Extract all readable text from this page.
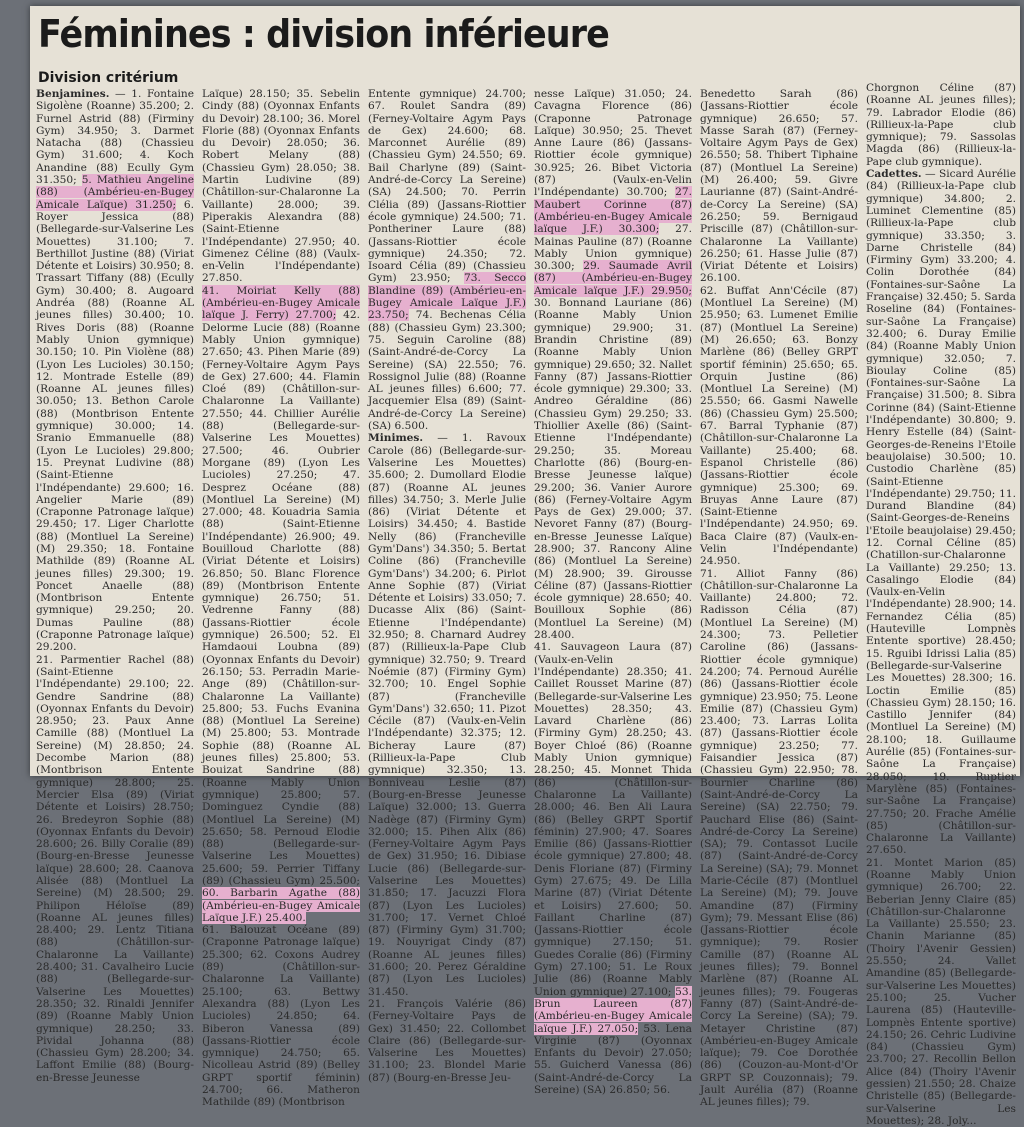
Féminines : division inférieure
Division critérium

Benjamines. — 1. Fontaine Sigolène (Roanne) 35.200; 2. Furnel Astrid (88) (Firminy Gym) 34.950; 3. Darmet Natacha (88) (Chassieu Gym) 31.600; 4. Koch Anandine (88) Ecully Gym 31.350; 5. Mathieu Angeline (88) (Ambérieu-en-Bugey Amicale Laïque) 31.250; 6. Royer Jessica (88) (Bellegarde-sur-Valserine Les Mouettes) 31.100; 7. Berthillot Justine (88) (Viriat Détente et Loisirs) 30.950; 8. Trassart Tiffany (88) (Ecully Gym) 30.400; 8. Augoard Andréa (88) (Roanne AL jeunes filles) 30.400; 10. Rives Doris (88) (Roanne Mably Union gymnique) 30.150; 10. Pin Violène (88) (Lyon Les Lucioles) 30.150; 12. Montrade Estelle (89) (Roanne AL jeunes filles) 30.050; 13. Bethon Carole (88) (Montbrison Entente gymnique) 30.000; 14. Sranio Emmanuelle (88) (Lyon Le Lucioles) 29.800; 15. Preynat Ludivine (88) (Saint-Etienne l'Indépendante) 29.600; 16. Angelier Marie (89) (Craponne Patronage laïque) 29.450; 17. Liger Charlotte (88) (Montluel La Sereine) (M) 29.350; 18. Fontaine Mathilde (89) (Roanne AL jeunes filles) 29.300; 19. Poncet Anaelle (88) (Montbrison Entente gymnique) 29.250; 20. Dumas Pauline (88) (Craponne Patronage laïque) 29.200.

21. Parmentier Rachel (88) (Saint-Etienne l'Indépendante) 29.100; 22. Gendre Sandrine (88) (Oyonnax Enfants du Devoir) 28.950; 23. Paux Anne Camille (88) (Montluel La Sereine) (M) 28.850; 24. Decombe Marion (88) (Montbrison Entente gymnique) 28.800; 25. Mercier Elsa (89) (Viriat Détente et Loisirs) 28.750; 26. Bredeyron Sophie (88) (Oyonnax Enfants du Devoir) 28.600; 26. Billy Coralie (89) (Bourg-en-Bresse Jeunesse laïque) 28.600; 28. Caanova Alisée (88) (Montluel La Sereine) (M) 28.500; 29. Philipon Héloïse (89) (Roanne AL jeunes filles) 28.400; 29. Lentz Titiana (88) (Châtillon-sur-Chalaronne La Vaillante) 28.400; 31. Cavalheiro Lucie (88) (Bellegarde-sur-Valserine Les Mouettes) 28.350; 32. Rinaldi Jennifer (89) (Roanne Mably Union gymnique) 28.250; 33. Pividal Johanna (88) (Chassieu Gym) 28.200; 34. Laffont Emilie (88) (Bourg-en-Bresse Jeunesse

Laïque) 28.150; 35. Sebelin Cindy (88) (Oyonnax Enfants du Devoir) 28.100; 36. Morel Florie (88) (Oyonnax Enfants du Devoir) 28.050; 36. Robert Melany (88) (Chassieu Gym) 28.050; 38. Martin Ludivine (89) (Châtillon-sur-Chalaronne La Vaillante) 28.000; 39. Piperakis Alexandra (88) (Saint-Etienne l'Indépendante) 27.950; 40. Gimenez Céline (88) (Vaulx-en-Velin l'Indépendante) 27.850.

41. Moiriat Kelly (88) (Ambérieu-en-Bugey Amicale laïque J. Ferry) 27.700; 42. Delorme Lucie (88) (Roanne Mably Union gymnique) 27.650; 43. Pihen Marie (89) (Ferney-Voltaire Agym Pays de Gex) 27.600; 44. Flamin Cloé (89) (Châtillon-sur-Chalaronne La Vaillante) 27.550; 44. Chillier Aurélie (88) (Bellegarde-sur-Valserine Les Mouettes) 27.500; 46. Oubrier Morgane (89) (Lyon Les Lucioles) 27.250; 47. Desprez Océane (88) (Montluel La Sereine) (M) 27.000; 48. Kouadria Samia (88) (Saint-Etienne l'Indépendante) 26.900; 49. Bouilloud Charlotte (88) (Viriat Détente et Loisirs) 26.850; 50. Blanc Florence (89) (Montbrison Entente gymnique) 26.750; 51. Vedrenne Fanny (88) (Jassans-Riottier école gymnique) 26.500; 52. El Hamdaoui Loubna (89) (Oyonnax Enfants du Devoir) 26.150; 53. Perradin Marie-Ange (89) (Châtillon-sur-Chalaronne La Vaillante) 25.800; 53. Fuchs Evanina (88) (Montluel La Sereine) (M) 25.800; 53. Montrade Sophie (88) (Roanne AL jeunes filles) 25.800; 53. Bouizat Sandrine (88) (Roanne Mably Union gymnique) 25.800; 57. Dominguez Cyndie (88) (Montluel La Sereine) (M) 25.650; 58. Pernoud Elodie (88) (Bellegarde-sur-Valserine Les Mouettes) 25.600; 59. Perrier Tiffany (89) (Chassieu Gym) 25.500; 60. Barbarin Agathe (88) (Ambérieu-en-Bugey Amicale Laïque J.F.) 25.400.

61. Balouzat Océane (89) (Craponne Patronage laïque) 25.300; 62. Coxons Audrey (89) (Châtillon-sur-Chalaronne La Vaillante) 25.100; 63. Bettwy Alexandra (88) (Lyon Les Lucioles) 24.850; 64. Biberon Vanessa (89) (Jassans-Riottier école gymnique) 24.750; 65. Nicolleau Astrid (89) (Belley GRPT sportif féminin) 24.700; 66. Matheron Mathilde (89) (Montbrison

Entente gymnique) 24.700; 67. Roulet Sandra (89) (Ferney-Voltaire Agym Pays de Gex) 24.600; 68. Marconnet Aurélie (89) (Chassieu Gym) 24.550; 69. Bail Charlyne (89) (Saint-André-de-Corcy La Sereine) (SA) 24.500; 70. Perrin Clélia (89) (Jassans-Riottier école gymnique) 24.500; 71. Pontheriner Laure (88) (Jassans-Riottier école gymnique) 24.350; 72. Isoard Célia (89) (Chassieu Gym) 23.950; 73. Secco Blandine (89) (Ambérieu-en-Bugey Amicale Laïque J.F.) 23.750; 74. Bechenas Célia (88) (Chassieu Gym) 23.300; 75. Seguin Caroline (88) (Saint-André-de-Corcy La Sereine) (SA) 22.550; 76. Rossignol Julie (88) (Roanne AL jeunes filles) 6.600; 77. Jacquemier Elsa (89) (Saint-André-de-Corcy La Sereine) (SA) 6.500.

Minimes. — 1. Ravoux Carole (86) (Bellegarde-sur-Valserine Les Mouettes) 35.600; 2. Dumollard Elodie (87) (Roanne AL jeunes filles) 34.750; 3. Merle Julie (86) (Viriat Détente et Loisirs) 34.450; 4. Bastide Nelly (86) (Francheville Gym'Dans') 34.350; 5. Bertat Coline (86) (Francheville Gym'Dans') 34.200; 6. Pirlot Anne Sophie (87) (Viriat Détente et Loisirs) 33.050; 7. Ducasse Alix (86) (Saint-Etienne l'Indépendante) 32.950; 8. Charnard Audrey (87) (Rillieux-la-Pape Club gymnique) 32.750; 9. Treard Noémie (87) (Firminy Gym) 32.700; 10. Engel Sophie (87) (Francheville Gym'Dans') 32.650; 11. Pizot Cécile (87) (Vaulx-en-Velin l'Indépendante) 32.375; 12. Bicheray Laure (87) (Rillieux-la-Pape Club gymnique) 32.350; 13. Bonniveau Leslie (87) (Bourg-en-Bresse Jeunesse Laïque) 32.000; 13. Guerra Nadège (87) (Firminy Gym) 32.000; 15. Pihen Alix (86) (Ferney-Voltaire Agym Pays de Gex) 31.950; 16. Dibiase Lucie (86) (Bellegarde-sur-Valserine Les Mouettes) 31.850; 17. Jacuzzi Flora (87) (Lyon Les Lucioles) 31.700; 17. Vernet Chloé (87) (Firminy Gym) 31.700; 19. Nouyrigat Cindy (87) (Roanne AL jeunes filles) 31.600; 20. Perez Géraldine (87) (Lyon Les Lucioles) 31.450.

21. François Valérie (86) (Ferney-Voltaire Pays de Gex) 31.450; 22. Collombet Claire (86) (Bellegarde-sur-Valserine Les Mouettes) 31.100; 23. Blondel Marie (87) (Bourg-en-Bresse Jeu-

nesse Laïque) 31.050; 24. Cavagna Florence (86) (Craponne Patronage Laïque) 30.950; 25. Thevet Anne Laure (86) (Jassans-Riottier école gymnique) 30.925; 26. Bibet Victoria (87) (Vaulx-en-Velin l'Indépendante) 30.700; 27. Maubert Corinne (87) (Ambérieu-en-Bugey Amicale laïque J.F.) 30.300; 27. Mainas Pauline (87) (Roanne Mably Union gymnique) 30.300; 29. Saumade Avril (87) (Ambérieu-en-Bugey Amicale laïque J.F.) 29.950; 30. Bonnand Lauriane (86) (Roanne Mably Union gymnique) 29.900; 31. Brandin Christine (89) (Roanne Mably Union gymnique) 29.650; 32. Nallet Fanny (87) Jassans-Riottier école gymnique) 29.300; 33. Andreo Géraldine (86) (Chassieu Gym) 29.250; 33. Thiollier Axelle (86) (Saint-Etienne l'Indépendante) 29.250; 35. Moreau Charlotte (86) (Bourg-en-Bresse Jeunesse laïque) 29.200; 36. Vanier Aurore (86) (Ferney-Voltaire Agym Pays de Gex) 29.000; 37. Nevoret Fanny (87) (Bourg-en-Bresse Jeunesse Laïque) 28.900; 37. Rancony Aline (86) (Montluel La Sereine) (M) 28.900; 39. Girousse Céline (87) (Jassans-Riottier école gymnique) 28.650; 40. Bouilloux Sophie (86) (Montluel La Sereine) (M) 28.400.

41. Sauvageon Laura (87) (Vaulx-en-Velin l'Indépendante) 28.350; 41. Caillet Rousset Marine (87) (Bellegarde-sur-Valserine Les Mouettes) 28.350; 43. Lavard Charlène (86) (Firminy Gym) 28.250; 43. Boyer Chloé (86) (Roanne Mably Union gymnique) 28.250; 45. Monnet Thida (86) (Châtillon-sur-Chalaronne La Vaillante) 28.000; 46. Ben Ali Laura (86) (Belley GRPT Sportif féminin) 27.900; 47. Soares Emilie (86) (Jassans-Riottier école gymnique) 27.800; 48. Denis Floriane (87) (Firminy Gym) 27.675; 49. De Lilla Marine (87) (Viriat Détente et Loisirs) 27.600; 50. Faillant Charline (87) (Jassans-Riottier école gymnique) 27.150; 51. Guedes Coralie (86) (Firminy Gym) 27.100; 51. Le Roux Julie (86) (Roanne Mably Union gymnique) 27.100; 53. Brun Laureen (87) (Ambérieu-en-Bugey Amicale laïque J.F.) 27.050; 53. Lena Virginie (87) (Oyonnax Enfants du Devoir) 27.050; 55. Guicherd Vanessa (86) (Saint-André-de-Corcy La Sereine) (SA) 26.850; 56.

Benedetto Sarah (86) (Jassans-Riottier école gymnique) 26.650; 57. Masse Sarah (87) (Ferney-Voltaire Agym Pays de Gex) 26.550; 58. Thibert Tiphaine (87) (Montluel La Sereine) (M) 26.400; 59. Givre Laurianne (87) (Saint-André-de-Corcy La Sereine) (SA) 26.250; 59. Bernigaud Priscille (87) (Châtillon-sur-Chalaronne La Vaillante) 26.250; 61. Hasse Julie (87) (Viriat Détente et Loisirs) 26.100.

62. Buffat Ann'Cécile (87) (Montluel La Sereine) (M) 25.950; 63. Lumenet Emilie (87) (Montluel La Sereine) (M) 26.650; 63. Bonzy Marlène (86) (Belley GRPT sportif féminin) 25.650; 65. Orquin Justine (86) (Montluel La Sereine) (M) 25.550; 66. Gasmi Nawelle (86) (Chassieu Gym) 25.500; 67. Barral Typhanie (87) (Châtillon-sur-Chalaronne La Vaillante) 25.400; 68. Espanol Christelle (86) (Jassans-Riottier école gymnique) 25.300; 69. Bruyas Anne Laure (87) (Saint-Etienne l'Indépendante) 24.950; 69. Baca Claire (87) (Vaulx-en-Velin l'Indépendante) 24.950.

71. Alliot Fanny (86) (Châtillon-sur-Chalaronne La Vaillante) 24.800; 72. Radisson Célia (87) (Montluel La Sereine) (M) 24.300; 73. Pelletier Caroline (86) (Jassans-Riottier école gymnique) 24.200; 74. Pernoud Aurélie (86) (Jassans-Riottier école gymnique) 23.950; 75. Leone Emilie (87) (Chassieu Gym) 23.400; 73. Larras Lolita (87) (Jassans-Riottier école gymnique) 23.250; 77. Faisandier Jessica (87) (Chassieu Gym) 22.950; 78. Bournier Charline (86) (Saint-André-de-Corcy La Sereine) (SA) 22.750; 79. Pauchard Elise (86) (Saint-André-de-Corcy La Sereine) (SA); 79. Contassot Lucile (87) (Saint-André-de-Corcy La Sereine) (SA); 79. Monnet Marie-Cécile (87) (Montluel La Sereine) (M); 79. Jouve Amandine (87) (Firminy Gym); 79. Messant Elise (86) (Jassans-Riottier école gymnique); 79. Rosier Camille (87) (Roanne AL jeunes filles); 79. Bonnel Marlène (87) (Roanne AL jeunes filles); 79. Fougeras Fanny (87) (Saint-André-de-Corcy La Sereine) (SA); 79. Metayer Christine (87) (Ambérieu-en-Bugey Amicale laïque); 79. Coe Dorothée (86) (Couzon-au-Mont-d'Or GRPT SP. Couzonnais); 79. Jault Aurélia (87) (Roanne AL jeunes filles); 79.

Chorgnon Céline (87) (Roanne AL jeunes filles); 79. Labrador Elodie (86) (Rillieux-la-Pape club gymnique); 79. Sassolas Magda (86) (Rillieux-la-Pape club gymnique).

Cadettes. — Sicard Aurélie (84) (Rillieux-la-Pape club gymnique) 34.800; 2. Luminet Clementine (85) (Rillieux-la-Pape club gymnique) 33.350; 3. Darne Christelle (84) (Firminy Gym) 33.200; 4. Colin Dorothée (84) (Fontaines-sur-Saône La Française) 32.450; 5. Sarda Roseline (84) (Fontaines-sur-Saône La Française) 32.400; 6. Duray Emilie (84) (Roanne Mably Union gymnique) 32.050; 7. Bioulay Coline (85) (Fontaines-sur-Saône La Française) 31.500; 8. Sibra Corinne (84) (Saint-Etienne l'Indépendante) 30.800; 9. Henry Estelle (84) (Saint-Georges-de-Reneins l'Etoile beaujolaise) 30.500; 10. Custodio Charlène (85) (Saint-Etienne l'Indépendante) 29.750; 11. Durand Blandine (84) (Saint-Georges-de-Reneins l'Etoile beaujolaise) 29.450; 12. Cornal Céline (85) (Chatillon-sur-Chalaronne La Vaillante) 29.250; 13. Casalingo Elodie (84) (Vaulx-en-Velin l'Indépendante) 28.900; 14. Fernandez Célia (85) (Hauteville Lompnès Entente sportive) 28.450; 15. Rguibi Idrissi Lalia (85) (Bellegarde-sur-Valserine Les Mouettes) 28.300; 16. Loctin Emilie (85) (Chassieu Gym) 28.150; 16. Castillo Jennifer (84) (Montluel La Sereine) (M) 28.100; 18. Guillaume Aurélie (85) (Fontaines-sur-Saône La Française) 28.050; 19. Ruptier Marylène (85) (Fontaines-sur-Saône La Française) 27.750; 20. Frache Amélie (85) (Châtillon-sur-Chalaronne La Vaillante) 27.650.

21. Montet Marion (85) (Roanne Mably Union gymnique) 26.700; 22. Beberian Jenny Claire (85) (Châtillon-sur-Chalaronne La Vaillante) 25.550; 23. Chanin Marianne (85) (Thoiry l'Avenir Gessien) 25.550; 24. Vallet Amandine (85) (Bellegarde-sur-Valserine Les Mouettes) 25.100; 25. Vucher Laurena (85) (Hauteville-Lompnès Entente sportive) 24.150; 26. Cehric Ludivine (84) (Chassieu Gym) 23.700; 27. Recollin Bellon Alice (84) (Thoiry l'Avenir gessien) 21.550; 28. Chaize Christelle (85) (Bellegarde-sur-Valserine Les Mouettes); 28. Joly...
